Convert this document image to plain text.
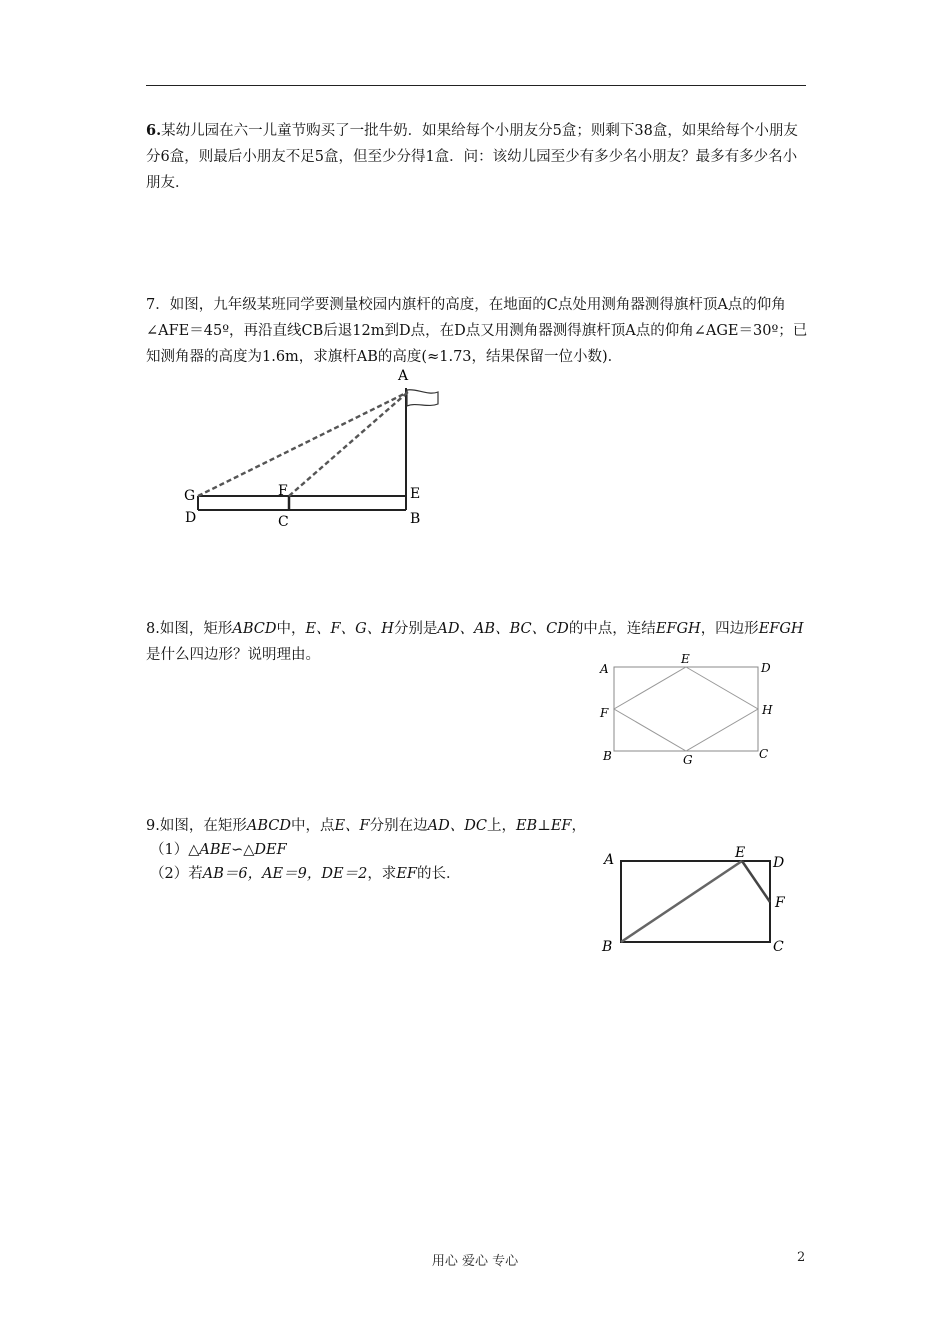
6.某幼儿园在六一儿童节购买了一批牛奶．如果给每个小朋友分5盒；则剩下38盒，如果给每个小朋友分6盒，则最后小朋友不足5盒，但至少分得1盒．问：该幼儿园至少有多少名小朋友？最多有多少名小朋友．

7．如图，九年级某班同学要测量校园内旗杆的高度，在地面的C点处用测角器测得旗杆顶A点的仰角∠AFE＝45º，再沿直线CB后退12m到D点，在D点又用测角器测得旗杆顶A点的仰角∠AGE＝30º；已知测角器的高度为1.6m，求旗杆AB的高度(≈1.73，结果保留一位小数)．

A
G	F	E
D	C	B

8.如图，矩形ABCD中，E、F、G、H分别是AD、AB、BC、CD的中点，连结EFGH，四边形EFGH是什么四边形？说明理由。

A
E
D
F	H
B	G	C
9.如图，在矩形ABCD中，点E、F分别在边AD、DC上，EB⊥EF，
（1）△ABE∽△DEF
（2）若AB＝6，AE＝9，DE＝2，求EF的长．
A	E
D
F
B	C
用心 爱心 专心	2
